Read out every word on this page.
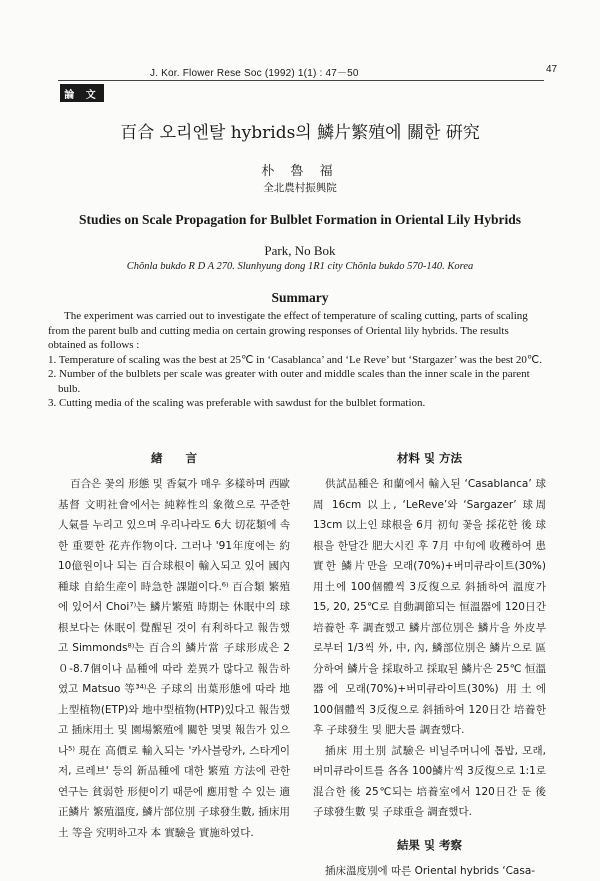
J. Kor. Flower Rese Soc (1992) 1(1) : 47－50	47
論 文
百合 오리엔탈 hybrids의 鱗片繁殖에 關한 硏究
朴 魯 福
全北農村振興院
Studies on Scale Propagation for Bulblet Formation in Oriental Lily Hybrids
Park, No Bok
Chŏnla bukdo R D A 270. Slunhyung dong 1R1 city Chŏnla bukdo 570-140. Korea
Summary

The experiment was carried out to investigate the effect of temperature of scaling cutting, parts of scaling from the parent bulb and cutting media on certain growing responses of Oriental lily hybrids. The results obtained as follows :

1. Temperature of scaling was the best at 25℃ in ‘Casablanca’ and ‘Le Reve’ but ‘Stargazer’ was the best 20℃.
2. Number of the bulblets per scale was greater with outer and middle scales than the inner scale in the parent bulb.
3. Cutting media of the scaling was preferable with sawdust for the bulblet formation.
緖　　言

百合은 꽃의 形態 및 香氣가 매우 多樣하며 西歐 基督 文明社會에서는 純粹性의 象徵으로 꾸준한 人氣를 누리고 있으며 우리나라도 6大 切花類에 속한 重要한 花卉作物이다. 그러나 '91年度에는 約 10億원이나 되는 百合球根이 輸入되고 있어 國內 種球 自給生産이 時急한 課題이다.⁶⁾ 百合類 繁殖에 있어서 Choi⁷⁾는 鱗片繁殖 時期는 休眠中의 球根보다는 休眠이 覺醒된 것이 有利하다고 報告했고 Simmonds⁸⁾는 百合의 鱗片當 子球形成은 2０-8.7個이나 品種에 따라 差異가 많다고 報告하였고 Matsuo 等³⁴⁾은 子球의 出葉形態에 따라 地上型植物(ETP)와 地中型植物(HTP)있다고 報告했고 插床用土 및 園場繁殖에 關한 몇몇 報告가 있으나⁵⁾ 現在 高價로 輸入되는 '카사블랑카, 스타게이저, 르레브' 등의 新品種에 대한 繁殖 方法에 관한 연구는 貧弱한 形便이기 때문에 應用할 수 있는 適正鱗片 繁殖溫度, 鱗片部位別 子球發生數, 插床用土 等을 究明하고자 本 實驗을 實施하였다.

材料 및 方法

供試品種은 和蘭에서 輸入된 ‘Casablanca’ 球周 16cm 以上, ‘LeReve’와 ‘Sargazer’ 球周 13cm 以上인 球根을 6月 初旬 꽃을 採花한 後 球根을 한달간 肥大시킨 후 7月 中旬에 收穫하여 患實한 鱗片만을 모래(70%)+버미큐라이트(30%) 用土에 100個體씩 3反復으로 斜插하여 溫度가 15, 20, 25℃로 自動調節되는 恒溫器에 120日간 培養한 후 調査했고 鱗片部位別은 鱗片을 外皮부로부터 1/3씩 外, 中, 內, 鱗部位別은 鱗片으로 區分하여 鱗片을 採取하고 採取된 鱗片은 25℃ 恒溫器에 모래(70%)+버미큐라이트(30%) 用土에 100個體씩 3反復으로 斜插하여 120日간 培養한 후 子球發生 및 肥大를 調査했다.

插床 用土別 試驗은 비닐주머니에 톱밥, 모래, 버미큐라이트를 各各 100鱗片씩 3反復으로 1:1로 混合한 後 25℃되는 培養室에서 120日간 둔 後 子球發生數 및 子球重을 調査했다.

結果 및 考察

插床溫度別에 따른 Oriental hybrids ‘Casa-
